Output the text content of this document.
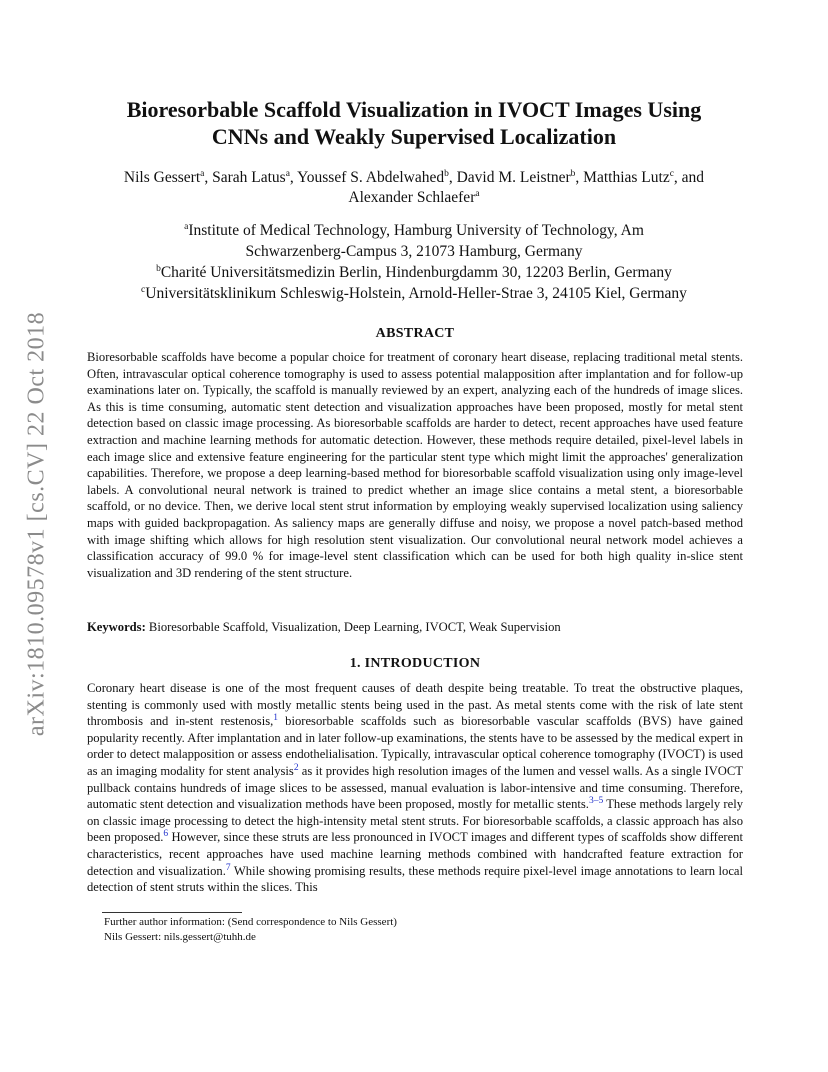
arXiv:1810.09578v1 [cs.CV] 22 Oct 2018
Bioresorbable Scaffold Visualization in IVOCT Images Using
CNNs and Weakly Supervised Localization
Nils Gessert$^a$, Sarah Latus$^a$, Youssef S. Abdelwahed$^b$, David M. Leistner$^b$, Matthias Lutz$^c$, and
Alexander Schlaefer$^a$
$^a$Institute of Medical Technology, Hamburg University of Technology, Am
Schwarzenberg-Campus 3, 21073 Hamburg, Germany
$^b$Charité Universitätsmedizin Berlin, Hindenburgdamm 30, 12203 Berlin, Germany
$^c$Universitätsklinikum Schleswig-Holstein, Arnold-Heller-Strae 3, 24105 Kiel, Germany
ABSTRACT
Bioresorbable scaffolds have become a popular choice for treatment of coronary heart disease, replacing traditional metal stents. Often, intravascular optical coherence tomography is used to assess potential malapposition after implantation and for follow-up examinations later on. Typically, the scaffold is manually reviewed by an expert, analyzing each of the hundreds of image slices. As this is time consuming, automatic stent detection and visualization approaches have been proposed, mostly for metal stent detection based on classic image processing. As bioresorbable scaffolds are harder to detect, recent approaches have used feature extraction and machine learning methods for automatic detection. However, these methods require detailed, pixel-level labels in each image slice and extensive feature engineering for the particular stent type which might limit the approaches' generalization capabilities. Therefore, we propose a deep learning-based method for bioresorbable scaffold visualization using only image-level labels. A convolutional neural network is trained to predict whether an image slice contains a metal stent, a bioresorbable scaffold, or no device. Then, we derive local stent strut information by employing weakly supervised localization using saliency maps with guided backpropagation. As saliency maps are generally diffuse and noisy, we propose a novel patch-based method with image shifting which allows for high resolution stent visualization. Our convolutional neural network model achieves a classification accuracy of 99.0 % for image-level stent classification which can be used for both high quality in-slice stent visualization and 3D rendering of the stent structure.
Keywords: Bioresorbable Scaffold, Visualization, Deep Learning, IVOCT, Weak Supervision
1. INTRODUCTION
Coronary heart disease is one of the most frequent causes of death despite being treatable. To treat the obstructive plaques, stenting is commonly used with mostly metallic stents being used in the past. As metal stents come with the risk of late stent thrombosis and in-stent restenosis,$^1$ bioresorbable scaffolds such as bioresorbable vascular scaffolds (BVS) have gained popularity recently. After implantation and in later follow-up examinations, the stents have to be assessed by the medical expert in order to detect malapposition or assess endothelialisation. Typically, intravascular optical coherence tomography (IVOCT) is used as an imaging modality for stent analysis$^2$ as it provides high resolution images of the lumen and vessel walls. As a single IVOCT pullback contains hundreds of image slices to be assessed, manual evaluation is labor-intensive and time consuming. Therefore, automatic stent detection and visualization methods have been proposed, mostly for metallic stents.$^{3-5}$ These methods largely rely on classic image processing to detect the high-intensity metal stent struts. For bioresorbable scaffolds, a classic approach has also been proposed.$^6$ However, since these struts are less pronounced in IVOCT images and different types of scaffolds show different characteristics, recent approaches have used machine learning methods combined with handcrafted feature extraction for detection and visualization.$^7$ While showing promising results, these methods require pixel-level image annotations to learn local detection of stent struts within the slices. This
Further author information: (Send correspondence to Nils Gessert)
Nils Gessert: nils.gessert@tuhh.de
